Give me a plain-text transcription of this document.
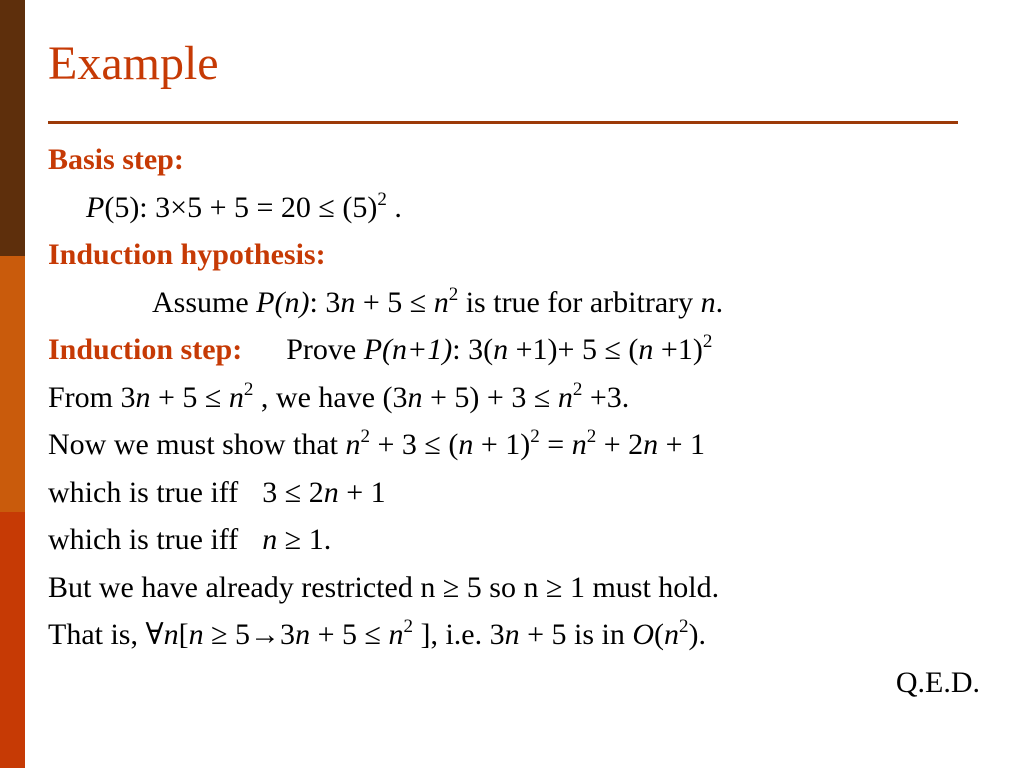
Example
Basis step:
P(5): $3\times 5 + 5 = 20 \le (5)^2$ .
Induction hypothesis:
Assume P(n): $3n + 5 \le n^2$ is true for arbitrary n.
Induction step: Prove P(n+1): $3(n +1)+ 5 \le (n +1)^2$
From $3n + 5 \le n^2$ , we have $(3n + 5) + 3 \le n^2 +3$.
Now we must show that $n^2 + 3 \le (n + 1)^2 = n^2 + 2n + 1$
which is true iff 3 ≤ 2n + 1
which is true iff n ≥ 1.
But we have already restricted n ≥ 5 so n ≥ 1 must hold.
That is, ∀n[n ≥ $5\to 3n + 5 \le n^2$ ], i.e. 3n + 5 is in $O(n^2)$.
Q.E.D.
